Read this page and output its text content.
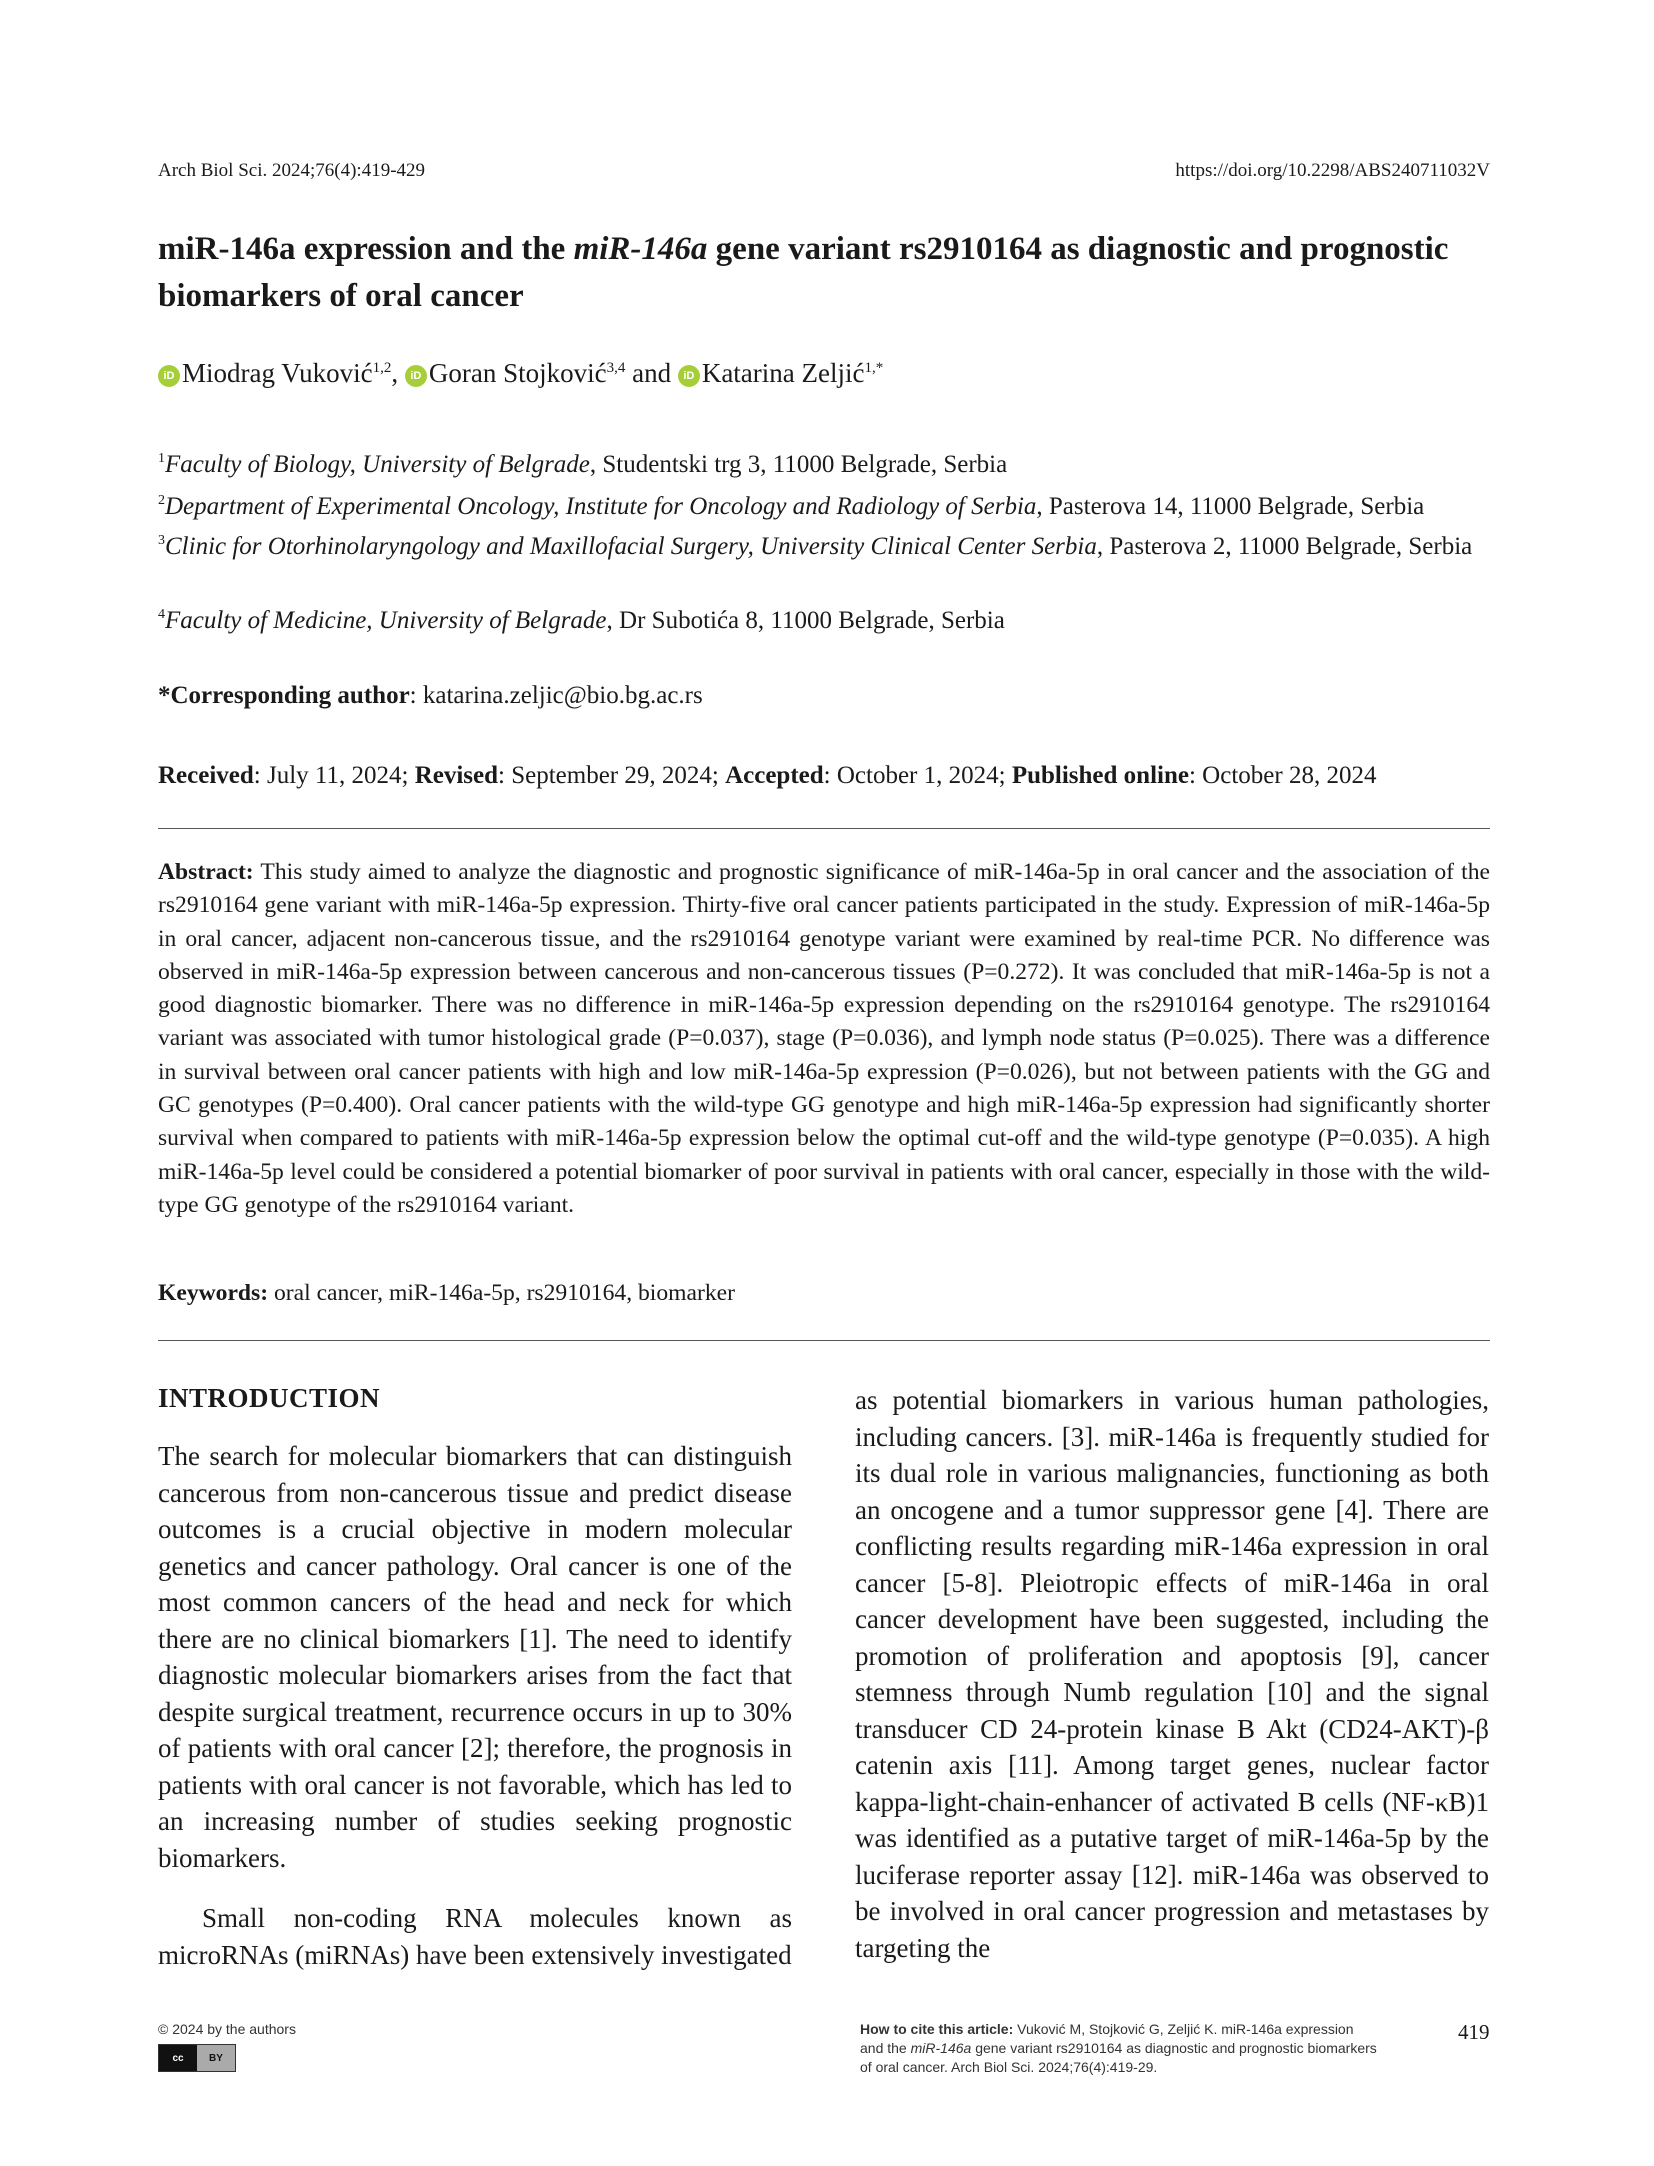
Arch Biol Sci. 2024;76(4):419-429	https://doi.org/10.2298/ABS240711032V
miR-146a expression and the miR-146a gene variant rs2910164 as diagnostic and prognostic biomarkers of oral cancer
iD Miodrag Vuković$^{1,2}$, iD Goran Stojković$^{3,4}$ and iD Katarina Zeljić$^{1,*}$
$^1$Faculty of Biology, University of Belgrade, Studentski trg 3, 11000 Belgrade, Serbia
$^2$Department of Experimental Oncology, Institute for Oncology and Radiology of Serbia, Pasterova 14, 11000 Belgrade, Serbia
$^3$Clinic for Otorhinolaryngology and Maxillofacial Surgery, University Clinical Center Serbia, Pasterova 2, 11000 Belgrade, Serbia
$^4$Faculty of Medicine, University of Belgrade, Dr Subotića 8, 11000 Belgrade, Serbia
*Corresponding author: katarina.zeljic@bio.bg.ac.rs
Received: July 11, 2024; Revised: September 29, 2024; Accepted: October 1, 2024; Published online: October 28, 2024
Abstract: This study aimed to analyze the diagnostic and prognostic significance of miR-146a-5p in oral cancer and the association of the rs2910164 gene variant with miR-146a-5p expression. Thirty-five oral cancer patients participated in the study. Expression of miR-146a-5p in oral cancer, adjacent non-cancerous tissue, and the rs2910164 genotype variant were examined by real-time PCR. No difference was observed in miR-146a-5p expression between cancerous and non-cancerous tissues (P=0.272). It was concluded that miR-146a-5p is not a good diagnostic biomarker. There was no difference in miR-146a-5p expression depending on the rs2910164 genotype. The rs2910164 variant was associated with tumor histological grade (P=0.037), stage (P=0.036), and lymph node status (P=0.025). There was a difference in survival between oral cancer patients with high and low miR-146a-5p expression (P=0.026), but not between patients with the GG and GC genotypes (P=0.400). Oral cancer patients with the wild-type GG genotype and high miR-146a-5p expression had significantly shorter survival when compared to patients with miR-146a-5p expression below the optimal cut-off and the wild-type genotype (P=0.035). A high miR-146a-5p level could be considered a potential biomarker of poor survival in patients with oral cancer, especially in those with the wild-type GG genotype of the rs2910164 variant.
Keywords: oral cancer, miR-146a-5p, rs2910164, biomarker
INTRODUCTION

The search for molecular biomarkers that can distinguish cancerous from non-cancerous tissue and predict disease outcomes is a crucial objective in modern molecular genetics and cancer pathology. Oral cancer is one of the most common cancers of the head and neck for which there are no clinical biomarkers [1]. The need to identify diagnostic molecular biomarkers arises from the fact that despite surgical treatment, recurrence occurs in up to 30% of patients with oral cancer [2]; therefore, the prognosis in patients with oral cancer is not favorable, which has led to an increasing number of studies seeking prognostic biomarkers.

Small non-coding RNA molecules known as microRNAs (miRNAs) have been extensively investigated

as potential biomarkers in various human pathologies, including cancers. [3]. miR-146a is frequently studied for its dual role in various malignancies, functioning as both an oncogene and a tumor suppressor gene [4]. There are conflicting results regarding miR-146a expression in oral cancer [5-8]. Pleiotropic effects of miR-146a in oral cancer development have been suggested, including the promotion of proliferation and apoptosis [9], cancer stemness through Numb regulation [10] and the signal transducer CD 24-protein kinase B Akt (CD24-AKT)-β catenin axis [11]. Among target genes, nuclear factor kappa-light-chain-enhancer of activated B cells (NF-κB)1 was identified as a putative target of miR-146a-5p by the luciferase reporter assay [12]. miR-146a was observed to be involved in oral cancer progression and metastases by targeting the

© 2024 by the authors
cc	BY
How to cite this article: Vuković M, Stojković G, Zeljić K. miR-146a expression
and the miR-146a gene variant rs2910164 as diagnostic and prognostic biomarkers
of oral cancer. Arch Biol Sci. 2024;76(4):419-29.
419
